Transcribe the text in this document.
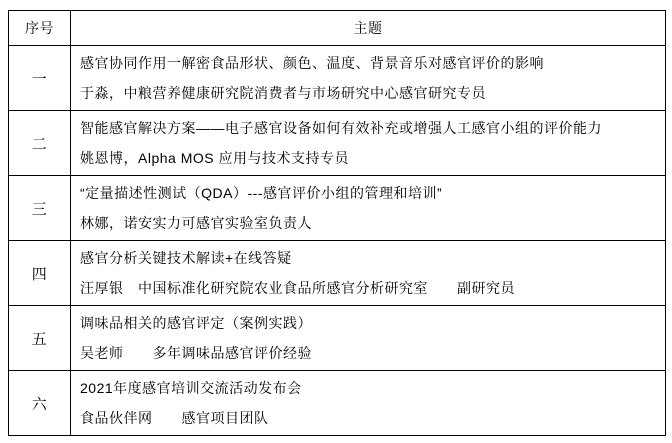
序号	主题
一	感官协同作用一解密食品形状、颜色、温度、背景音乐对感官评价的影响
于淼，中粮营养健康研究院消费者与市场研究中心感官研究专员

二	智能感官解决方案——电子感官设备如何有效补充或增强人工感官小组的评价能力
姚恩博，Alpha MOS 应用与技术支持专员

三	“定量描述性测试（QDA）---感官评价小组的管理和培训”
林娜，诺安实力可感官实验室负责人

四	感官分析关键技术解读+在线答疑
汪厚银　中国标准化研究院农业食品所感官分析研究室　　副研究员

五	调味品相关的感官评定（案例实践）
吴老师　　多年调味品感官评价经验

六	2021年度感官培训交流活动发布会
食品伙伴网　　感官项目团队
